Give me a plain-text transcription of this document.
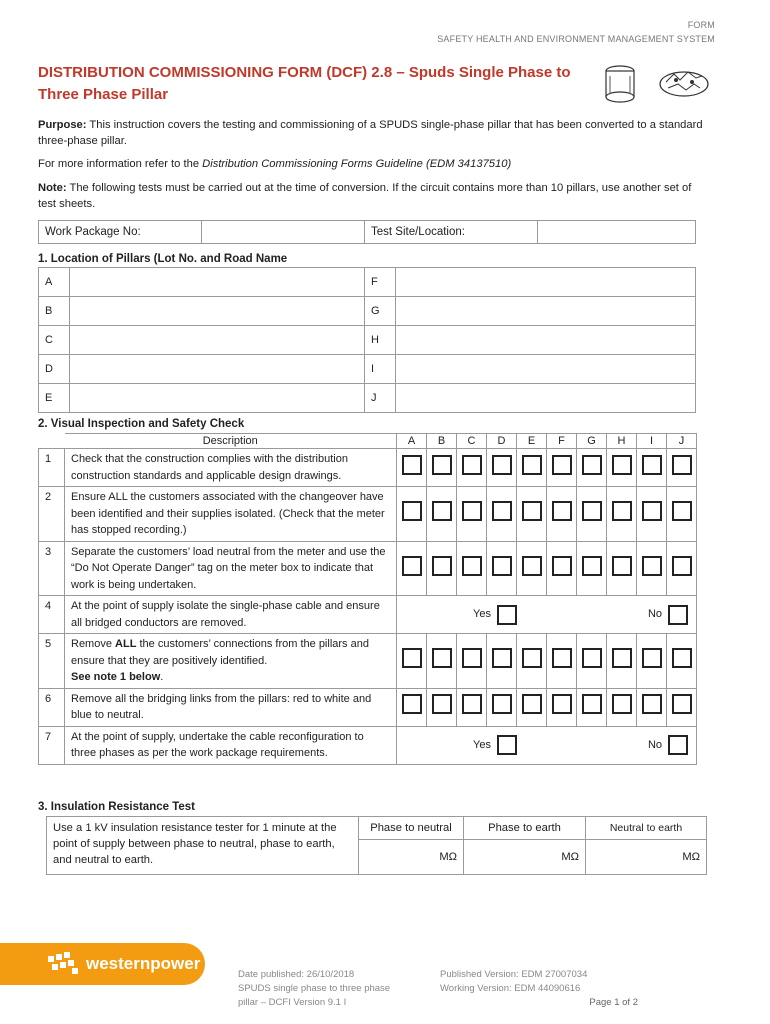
FORM
SAFETY HEALTH AND ENVIRONMENT MANAGEMENT SYSTEM
DISTRIBUTION COMMISSIONING FORM (DCF) 2.8 – Spuds Single Phase to
Three Phase Pillar
Purpose: This instruction covers the testing and commissioning of a SPUDS single-phase pillar that has been converted to a standard three-phase pillar.
For more information refer to the Distribution Commissioning Forms Guideline (EDM 34137510)
Note: The following tests must be carried out at the time of conversion. If the circuit contains more than 10 pillars, use another set of test sheets.
Work Package No:		Test Site/Location:	
1. Location of Pillars (Lot No. and Road Name
A		F	
B		G	
C		H	
D		I	
E		J	
2. Visual Inspection and Safety Check
	Description	A	B	C	D	E	F	G	H	I	J
1	Check that the construction complies with the distribution construction standards and applicable design drawings.										
2	Ensure ALL the customers associated with the changeover have been identified and their supplies isolated. (Check that the meter has stopped recording.)										
3	Separate the customers’ load neutral from the meter and use the “Do Not Operate Danger” tag on the meter box to indicate that work is being undertaken.										
4	At the point of supply isolate the single-phase cable and ensure all bridged conductors are removed.	Yes No									

5	Remove ALL the customers’ connections from the pillars and ensure that they are positively identified.
See note 1 below.										
6	Remove all the bridging links from the pillars: red to white and blue to neutral.										
7	At the point of supply, undertake the cable reconfiguration to three phases as per the work package requirements.	Yes No									
3. Insulation Resistance Test
Use a 1 kV insulation resistance tester for 1 minute at the point of supply between phase to neutral, phase to earth, and neutral to earth.	Phase to neutral	Phase to earth	Neutral to earth
	MΩ	MΩ	MΩ
westernpower
Date published: 26/10/2018
SPUDS single phase to three phase
pillar – DCFI Version 9.1 I
Published Version: EDM 27007034
Working Version: EDM 44090616
Page 1 of 2
